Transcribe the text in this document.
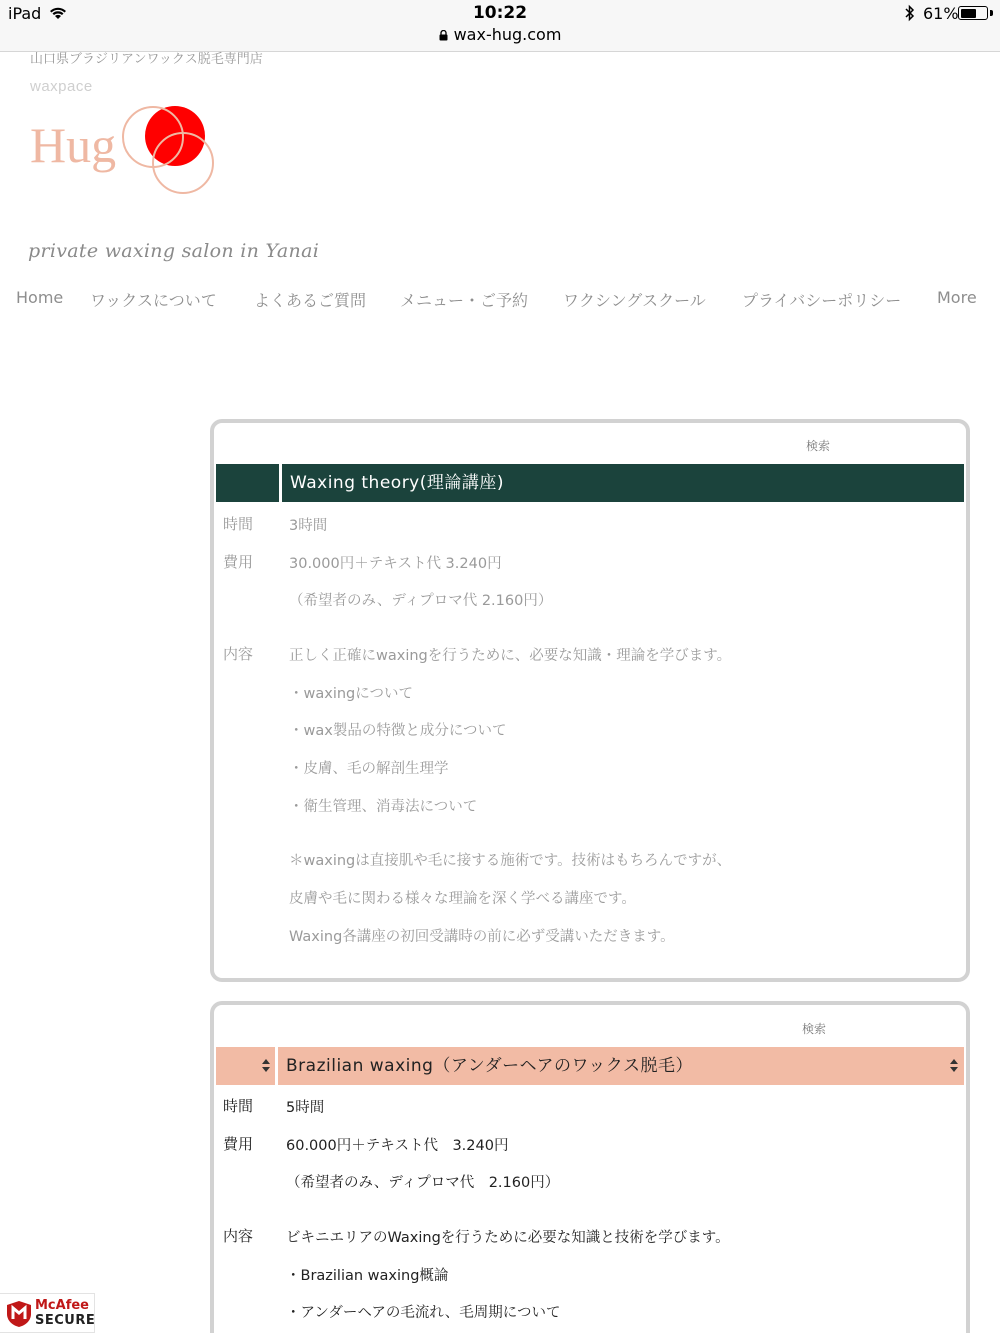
iPad	10:22
wax-hug.com
61%
山口県ブラジリアンワックス脱毛専門店
waxpace
Hug
private waxing salon in Yanai
Home ワックスについて よくあるご質問 メニュー・ご予約 ワクシングスクール プライバシーポリシー More
検索
Waxing theory(理論講座)
時間 3時間
費用 30.000円＋テキスト代 3.240円
（希望者のみ、ディプロマ代 2.160円）
内容 正しく正確にwaxingを行うために、必要な知識・理論を学びます。
・waxingについて
・wax製品の特徴と成分について
・皮膚、毛の解剖生理学
・衛生管理、消毒法について
＊waxingは直接肌や毛に接する施術です。技術はもちろんですが、
皮膚や毛に関わる様々な理論を深く学べる講座です。
Waxing各講座の初回受講時の前に必ず受講いただきます。
検索
Brazilian waxing（アンダーヘアのワックス脱毛）
時間 5時間
費用 60.000円＋テキスト代　3.240円
（希望者のみ、ディプロマ代　2.160円）
内容 ビキニエリアのWaxingを行うために必要な知識と技術を学びます。
・Brazilian waxing概論
・アンダーヘアの毛流れ、毛周期について
McAfee
SECURE
